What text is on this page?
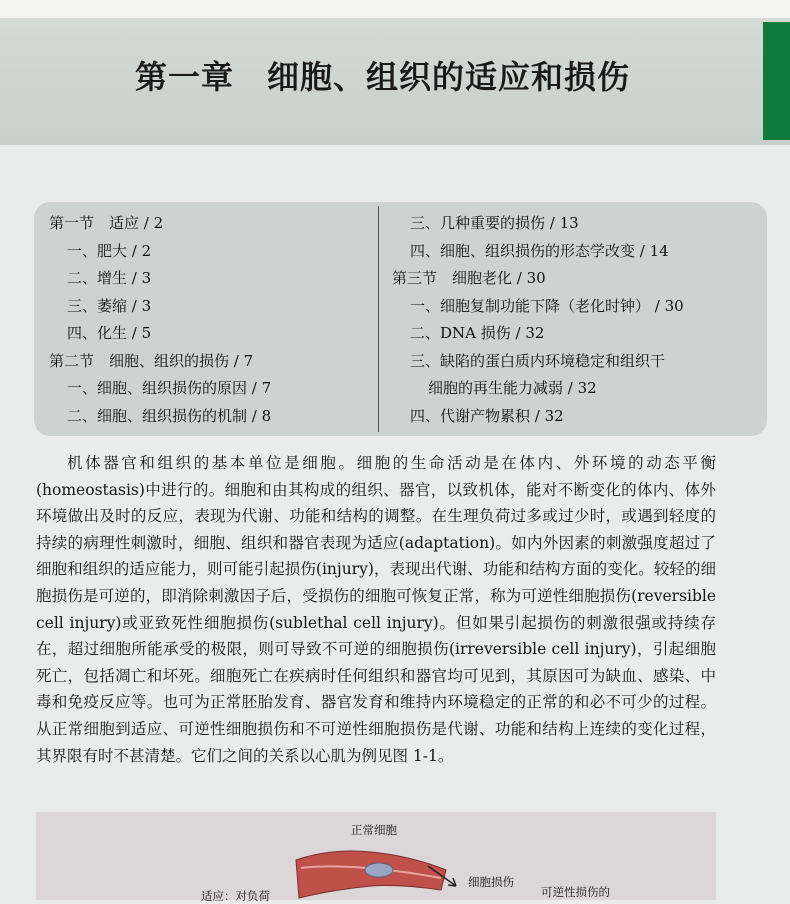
第一章　细胞、组织的适应和损伤
第一节　适应 / 2
一、肥大 / 2
二、增生 / 3
三、萎缩 / 3
四、化生 / 5
第二节　细胞、组织的损伤 / 7
一、细胞、组织损伤的原因 / 7
二、细胞、组织损伤的机制 / 8
三、几种重要的损伤 / 13
四、细胞、组织损伤的形态学改变 / 14
第三节　细胞老化 / 30
一、细胞复制功能下降（老化时钟） / 30
二、DNA 损伤 / 32
三、缺陷的蛋白质内环境稳定和组织干
细胞的再生能力减弱 / 32
四、代谢产物累积 / 32

机体器官和组织的基本单位是细胞。细胞的生命活动是在体内、外环境的动态平衡(homeostasis)中进行的。细胞和由其构成的组织、器官，以致机体，能对不断变化的体内、体外环境做出及时的反应，表现为代谢、功能和结构的调整。在生理负荷过多或过少时，或遇到轻度的持续的病理性刺激时，细胞、组织和器官表现为适应(adaptation)。如内外因素的刺激强度超过了细胞和组织的适应能力，则可能引起损伤(injury)，表现出代谢、功能和结构方面的变化。较轻的细胞损伤是可逆的，即消除刺激因子后，受损伤的细胞可恢复正常，称为可逆性细胞损伤(reversible cell injury)或亚致死性细胞损伤(sublethal cell injury)。但如果引起损伤的刺激很强或持续存在，超过细胞所能承受的极限，则可导致不可逆的细胞损伤(irreversible cell injury)，引起细胞死亡，包括凋亡和坏死。细胞死亡在疾病时任何组织和器官均可见到，其原因可为缺血、感染、中毒和免疫反应等。也可为正常胚胎发育、器官发育和维持内环境稳定的正常的和必不可少的过程。从正常细胞到适应、可逆性细胞损伤和不可逆性细胞损伤是代谢、功能和结构上连续的变化过程，其界限有时不甚清楚。它们之间的关系以心肌为例见图 1-1。

正常细胞
细胞损伤
可逆性损伤的
适应：对负荷
